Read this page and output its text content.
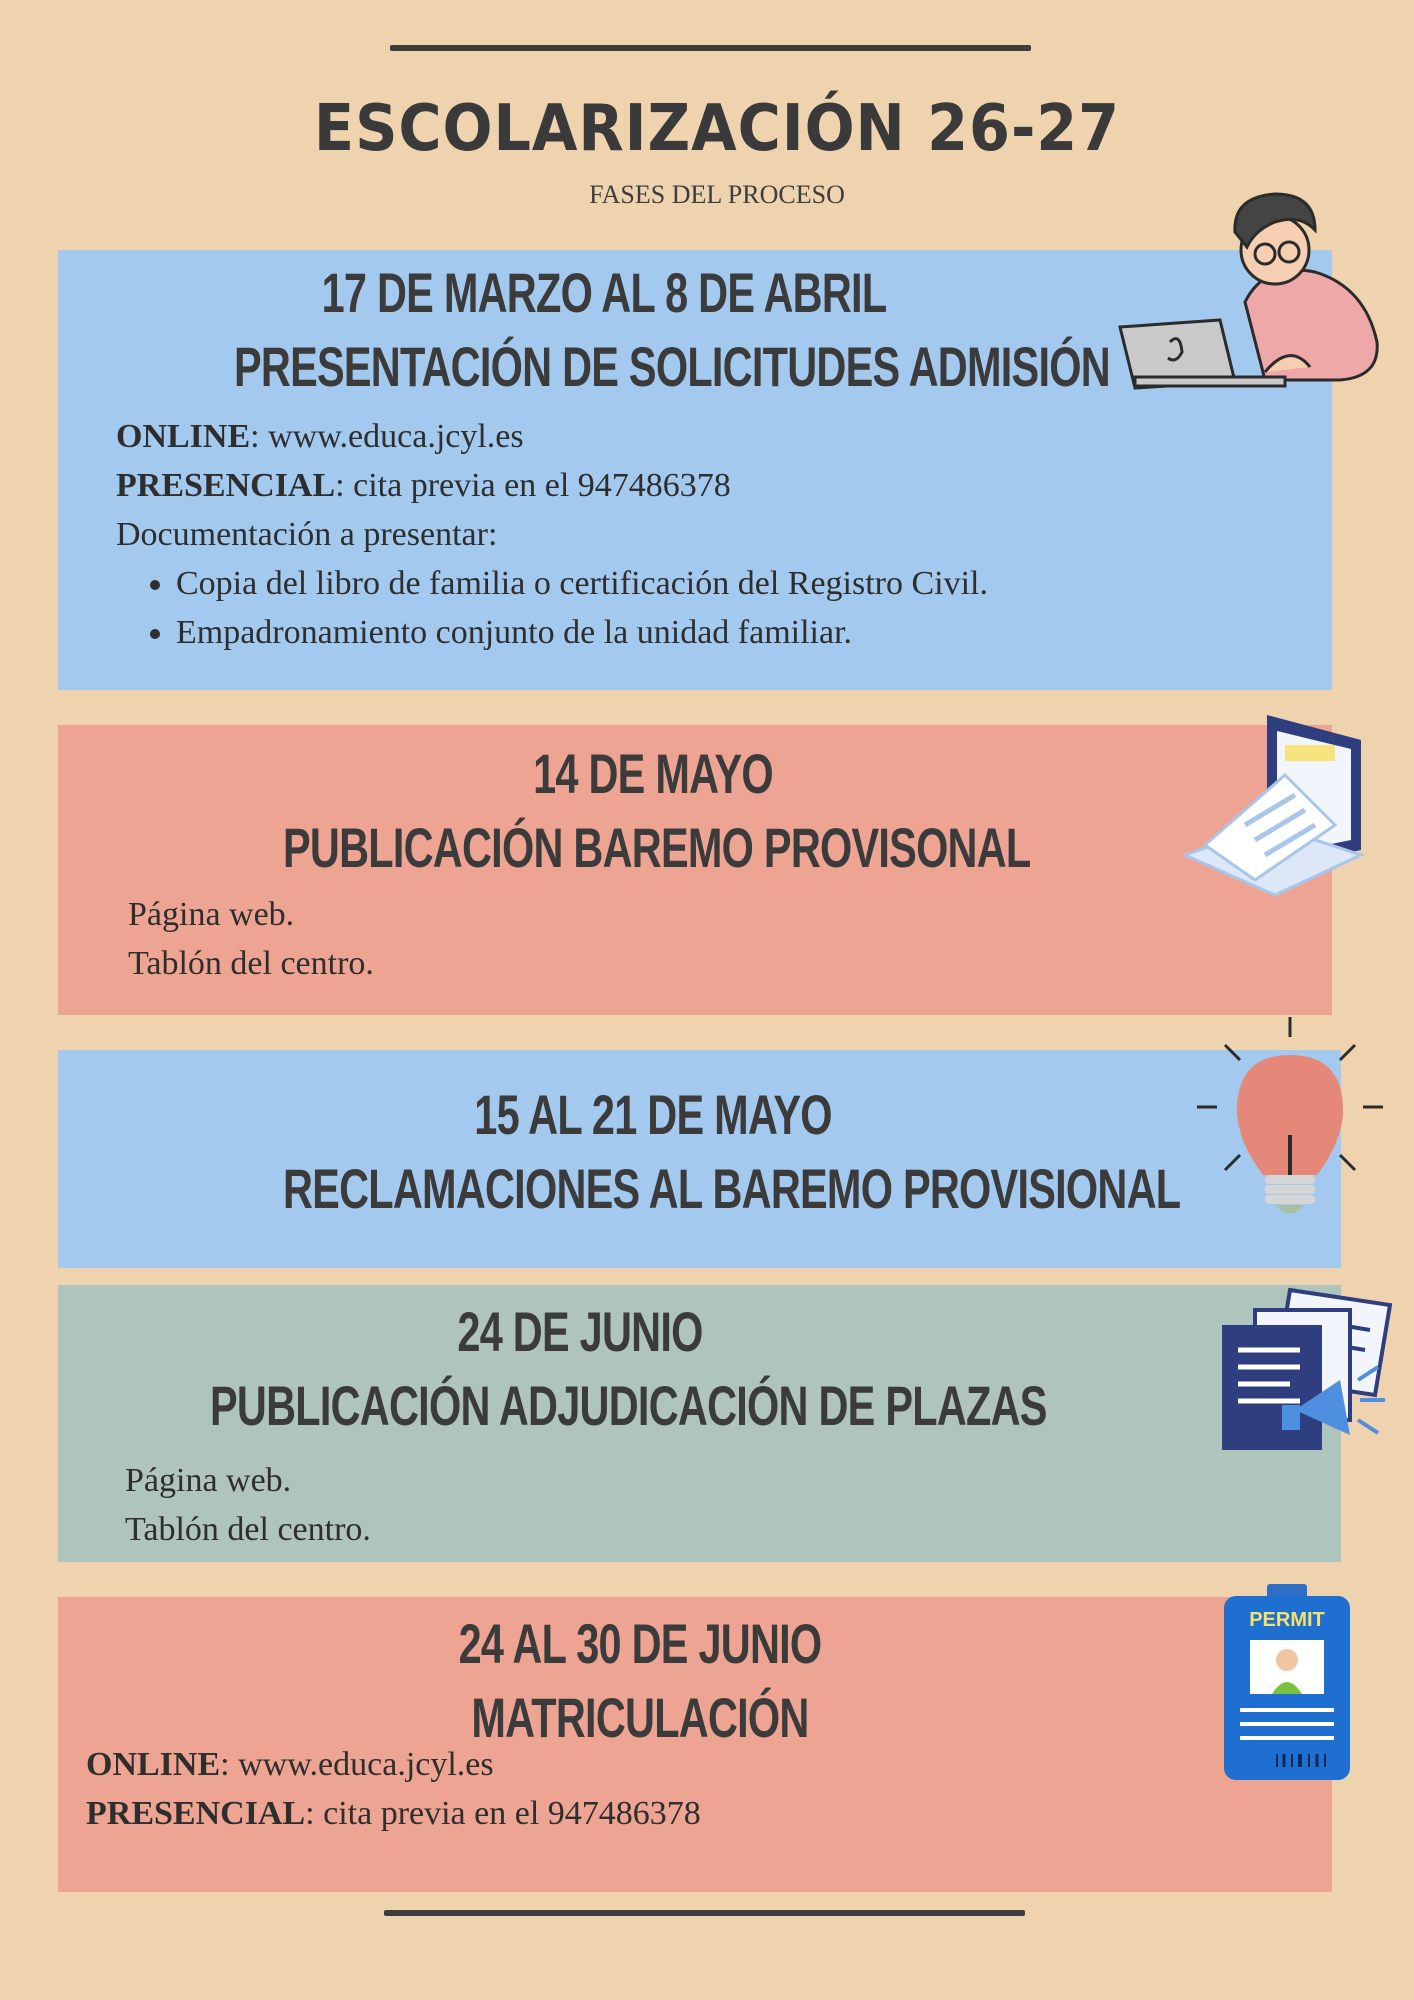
ESCOLARIZACIÓN 26-27
FASES DEL PROCESO
17 DE MARZO AL 8 DE ABRIL
PRESENTACIÓN DE SOLICITUDES ADMISIÓN
ONLINE: www.educa.jcyl.es
PRESENCIAL: cita previa en el 947486378
Documentación a presentar:
• Copia del libro de familia o certificación del Registro Civil.
• Empadronamiento conjunto de la unidad familiar.
14 DE MAYO
PUBLICACIÓN BAREMO PROVISONAL
Página web.
Tablón del centro.
15 AL 21 DE MAYO
RECLAMACIONES AL BAREMO PROVISIONAL
24 DE JUNIO
PUBLICACIÓN ADJUDICACIÓN DE PLAZAS
Página web.
Tablón del centro.
24 AL 30 DE JUNIO
MATRICULACIÓN
ONLINE: www.educa.jcyl.es
PRESENCIAL: cita previa en el 947486378
PERMIT
